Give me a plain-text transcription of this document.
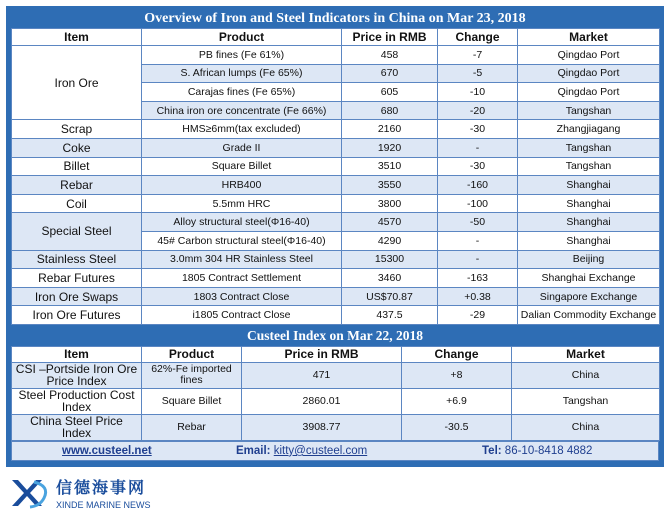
Overview of Iron and Steel Indicators in China on Mar 23, 2018
Item	Product	Price in RMB	Change	Market
Iron Ore	PB fines (Fe 61%)	458	-7	Qingdao Port
	S. African lumps (Fe 65%)	670	-5	Qingdao Port
	Carajas fines (Fe 65%)	605	-10	Qingdao Port
	China iron ore concentrate (Fe 66%)	680	-20	Tangshan
Scrap	HMS≥6mm(tax excluded)	2160	-30	Zhangjiagang
Coke	Grade II	1920	-	Tangshan
Billet	Square Billet	3510	-30	Tangshan
Rebar	HRB400	3550	-160	Shanghai
Coil	5.5mm HRC	3800	-100	Shanghai
Special Steel	Alloy structural steel(Φ16-40)	4570	-50	Shanghai
	45# Carbon structural steel(Φ16-40)	4290	-	Shanghai
Stainless Steel	3.0mm 304 HR Stainless Steel	15300	-	Beijing
Rebar Futures	1805 Contract Settlement	3460	-163	Shanghai Exchange
Iron Ore Swaps	1803 Contract Close	US$70.87	+0.38	Singapore Exchange
Iron Ore Futures	i1805 Contract Close	437.5	-29	Dalian Commodity Exchange
Custeel Index on Mar 22, 2018
Item	Product	Price in RMB	Change	Market
CSI –Portside Iron Ore Price Index	62%-Fe imported fines	471	+8	China
Steel Production Cost Index	Square Billet	2860.01	+6.9	Tangshan
China Steel Price Index	Rebar	3908.77	-30.5	China
www.custeel.net	Email: kitty@custeel.com	Tel: 86-10-8418 4882
信德海事网
XINDE MARINE NEWS
